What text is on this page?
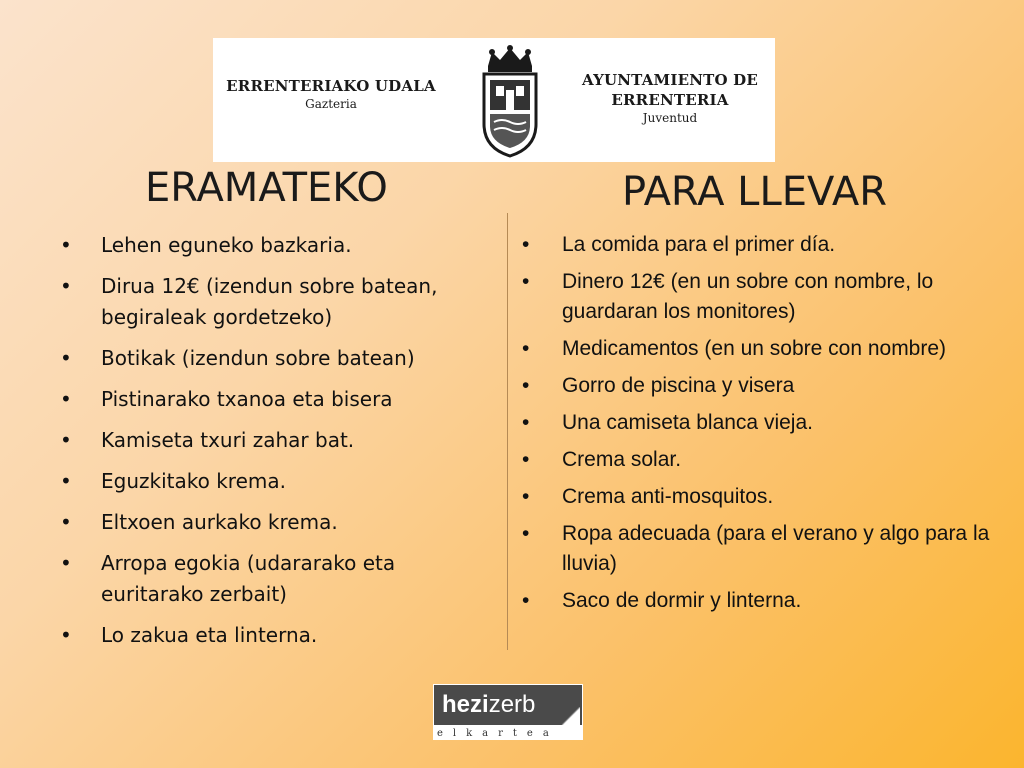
ERRENTERIAKO UDALA
Gazteria
AYUNTAMIENTO DE
ERRENTERIA
Juventud
ERAMATEKO	PARA LLEVAR
• Lehen eguneko bazkaria.
• Dirua 12€ (izendun sobre batean, begiraleak gordetzeko)
• Botikak (izendun sobre batean)
• Pistinarako txanoa eta bisera
• Kamiseta txuri zahar bat.
• Eguzkitako krema.
• Eltxoen aurkako krema.
• Arropa egokia (udararako eta euritarako zerbait)
• Lo zakua eta linterna.
• La comida para el primer día.
• Dinero 12€ (en un sobre con nombre, lo guardaran los monitores)
• Medicamentos (en un sobre con nombre)
• Gorro de piscina y visera
• Una camiseta blanca vieja.
• Crema solar.
• Crema anti-mosquitos.
• Ropa adecuada (para el verano y algo para la lluvia)
• Saco de dormir y linterna.
hezizerb
elkartea
